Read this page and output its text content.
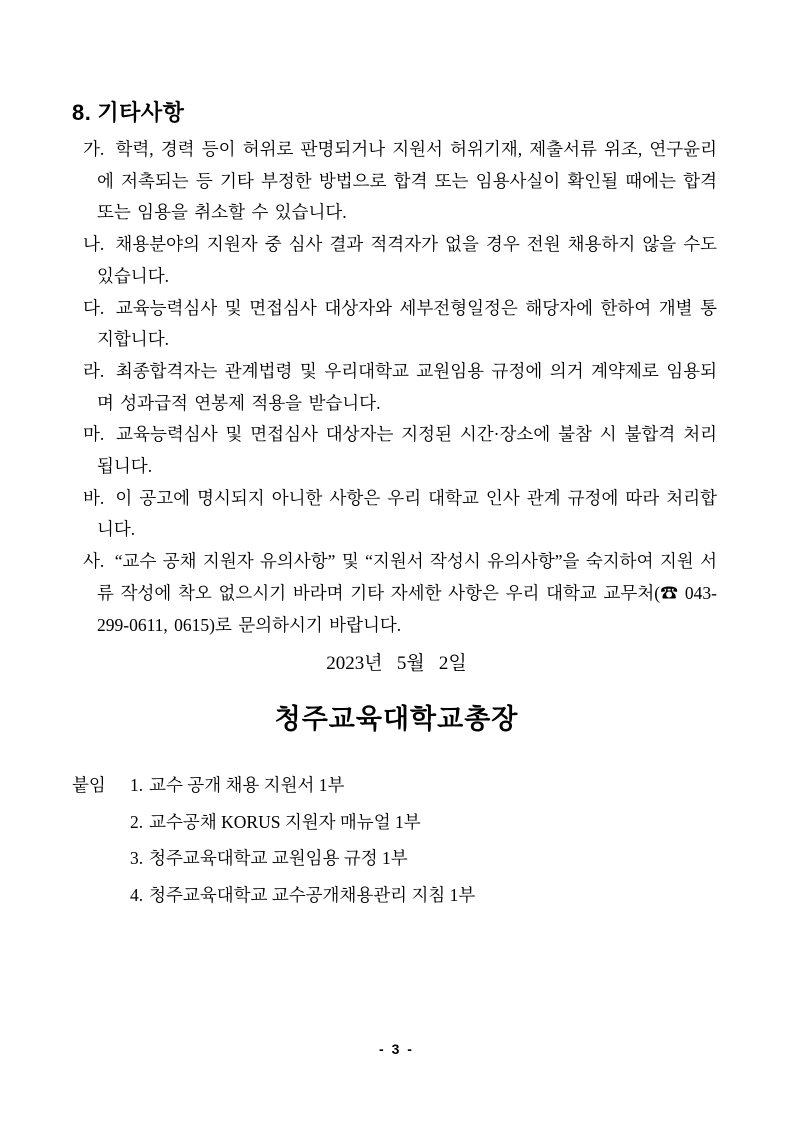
8. 기타사항

가. 학력, 경력 등이 허위로 판명되거나 지원서 허위기재, 제출서류 위조, 연구윤리에 저촉되는 등 기타 부정한 방법으로 합격 또는 임용사실이 확인될 때에는 합격 또는 임용을 취소할 수 있습니다.

나. 채용분야의 지원자 중 심사 결과 적격자가 없을 경우 전원 채용하지 않을 수도 있습니다.

다. 교육능력심사 및 면접심사 대상자와 세부전형일정은 해당자에 한하여 개별 통지합니다.

라. 최종합격자는 관계법령 및 우리대학교 교원임용 규정에 의거 계약제로 임용되며 성과급적 연봉제 적용을 받습니다.

마. 교육능력심사 및 면접심사 대상자는 지정된 시간·장소에 불참 시 불합격 처리됩니다.

바. 이 공고에 명시되지 아니한 사항은 우리 대학교 인사 관계 규정에 따라 처리합니다.

사. “교수 공채 지원자 유의사항” 및 “지원서 작성시 유의사항”을 숙지하여 지원 서류 작성에 착오 없으시기 바라며 기타 자세한 사항은 우리 대학교 교무처(☎ 043-299-0611, 0615)로 문의하시기 바랍니다.

2023년   5월   2일
청주교육대학교총장
붙임	1. 교수 공개 채용 지원서 1부
2. 교수공채 KORUS 지원자 매뉴얼 1부
3. 청주교육대학교 교원임용 규정 1부
4. 청주교육대학교 교수공개채용관리 지침 1부
- 3 -
